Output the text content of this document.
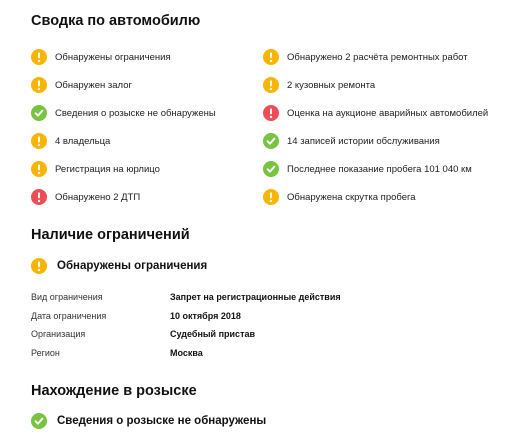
Сводка по автомобилю
Обнаружены ограничения	Обнаружено 2 расчёта ремонтных работ
Обнаружен залог	2 кузовных ремонта
Сведения о розыске не обнаружены	Оценка на аукционе аварийных автомобилей
4 владельца	14 записей истории обслуживания
Регистрация на юрлицо	Последнее показание пробега 101 040 км
Обнаружено 2 ДТП	Обнаружена скрутка пробега
Наличие ограничений
Обнаружены ограничения
Вид ограничения	Запрет на регистрационные действия
Дата ограничения	10 октября 2018
Организация	Судебный пристав
Регион	Москва
Нахождение в розыске
Сведения о розыске не обнаружены
